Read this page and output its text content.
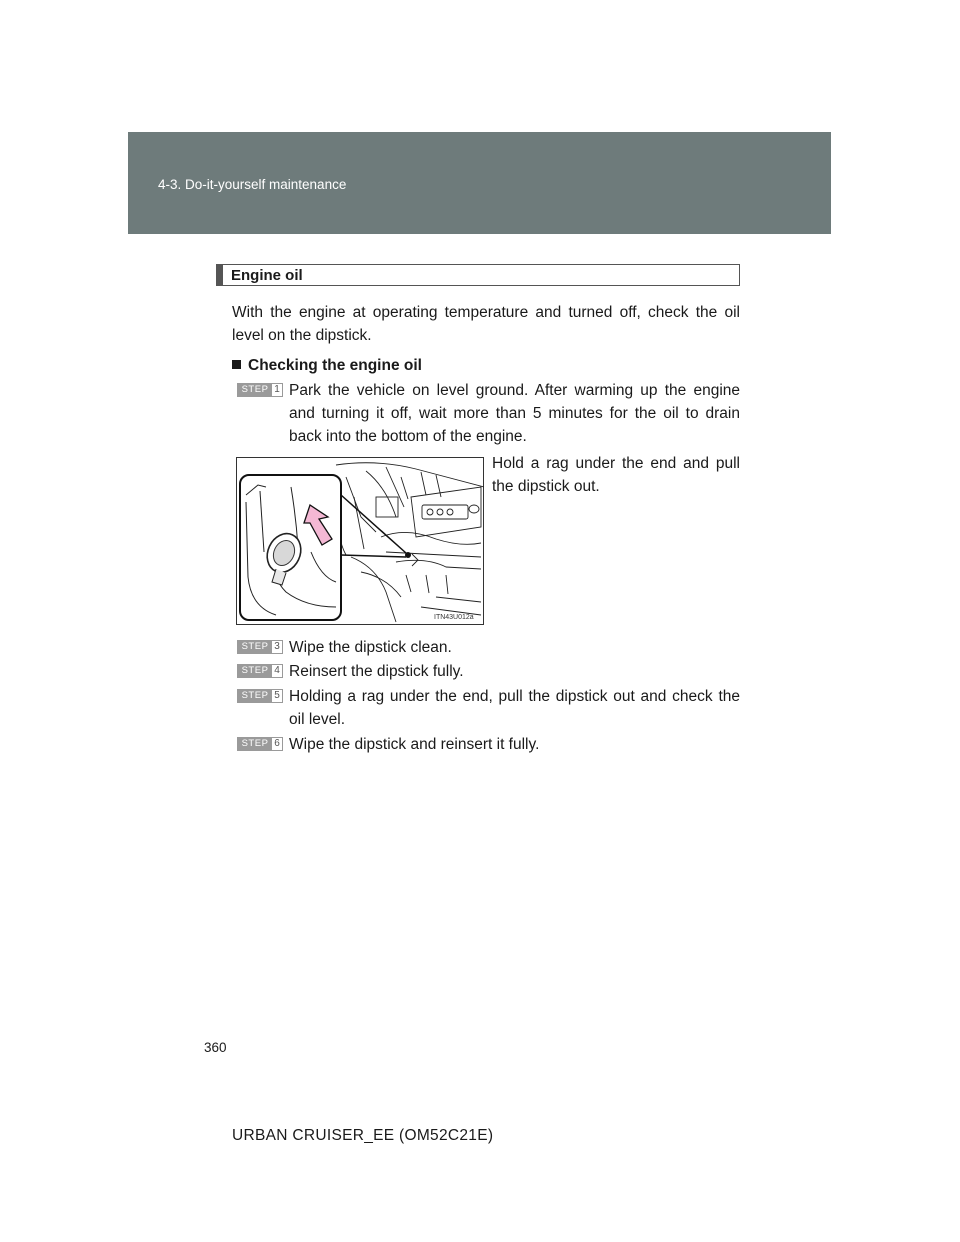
4-3. Do-it-yourself maintenance
Engine oil
With the engine at operating temperature and turned off, check the oil level on the dipstick.
Checking the engine oil
STEP 1 Park the vehicle on level ground. After warming up the engine and turning it off, wait more than 5 minutes for the oil to drain back into the bottom of the engine.
Hold a rag under the end and pull the dipstick out.
ITN43U012a
STEP 3 Wipe the dipstick clean.
STEP 4 Reinsert the dipstick fully.
STEP 5 Holding a rag under the end, pull the dipstick out and check the oil level.
STEP 6 Wipe the dipstick and reinsert it fully.
360
URBAN CRUISER_EE (OM52C21E)
